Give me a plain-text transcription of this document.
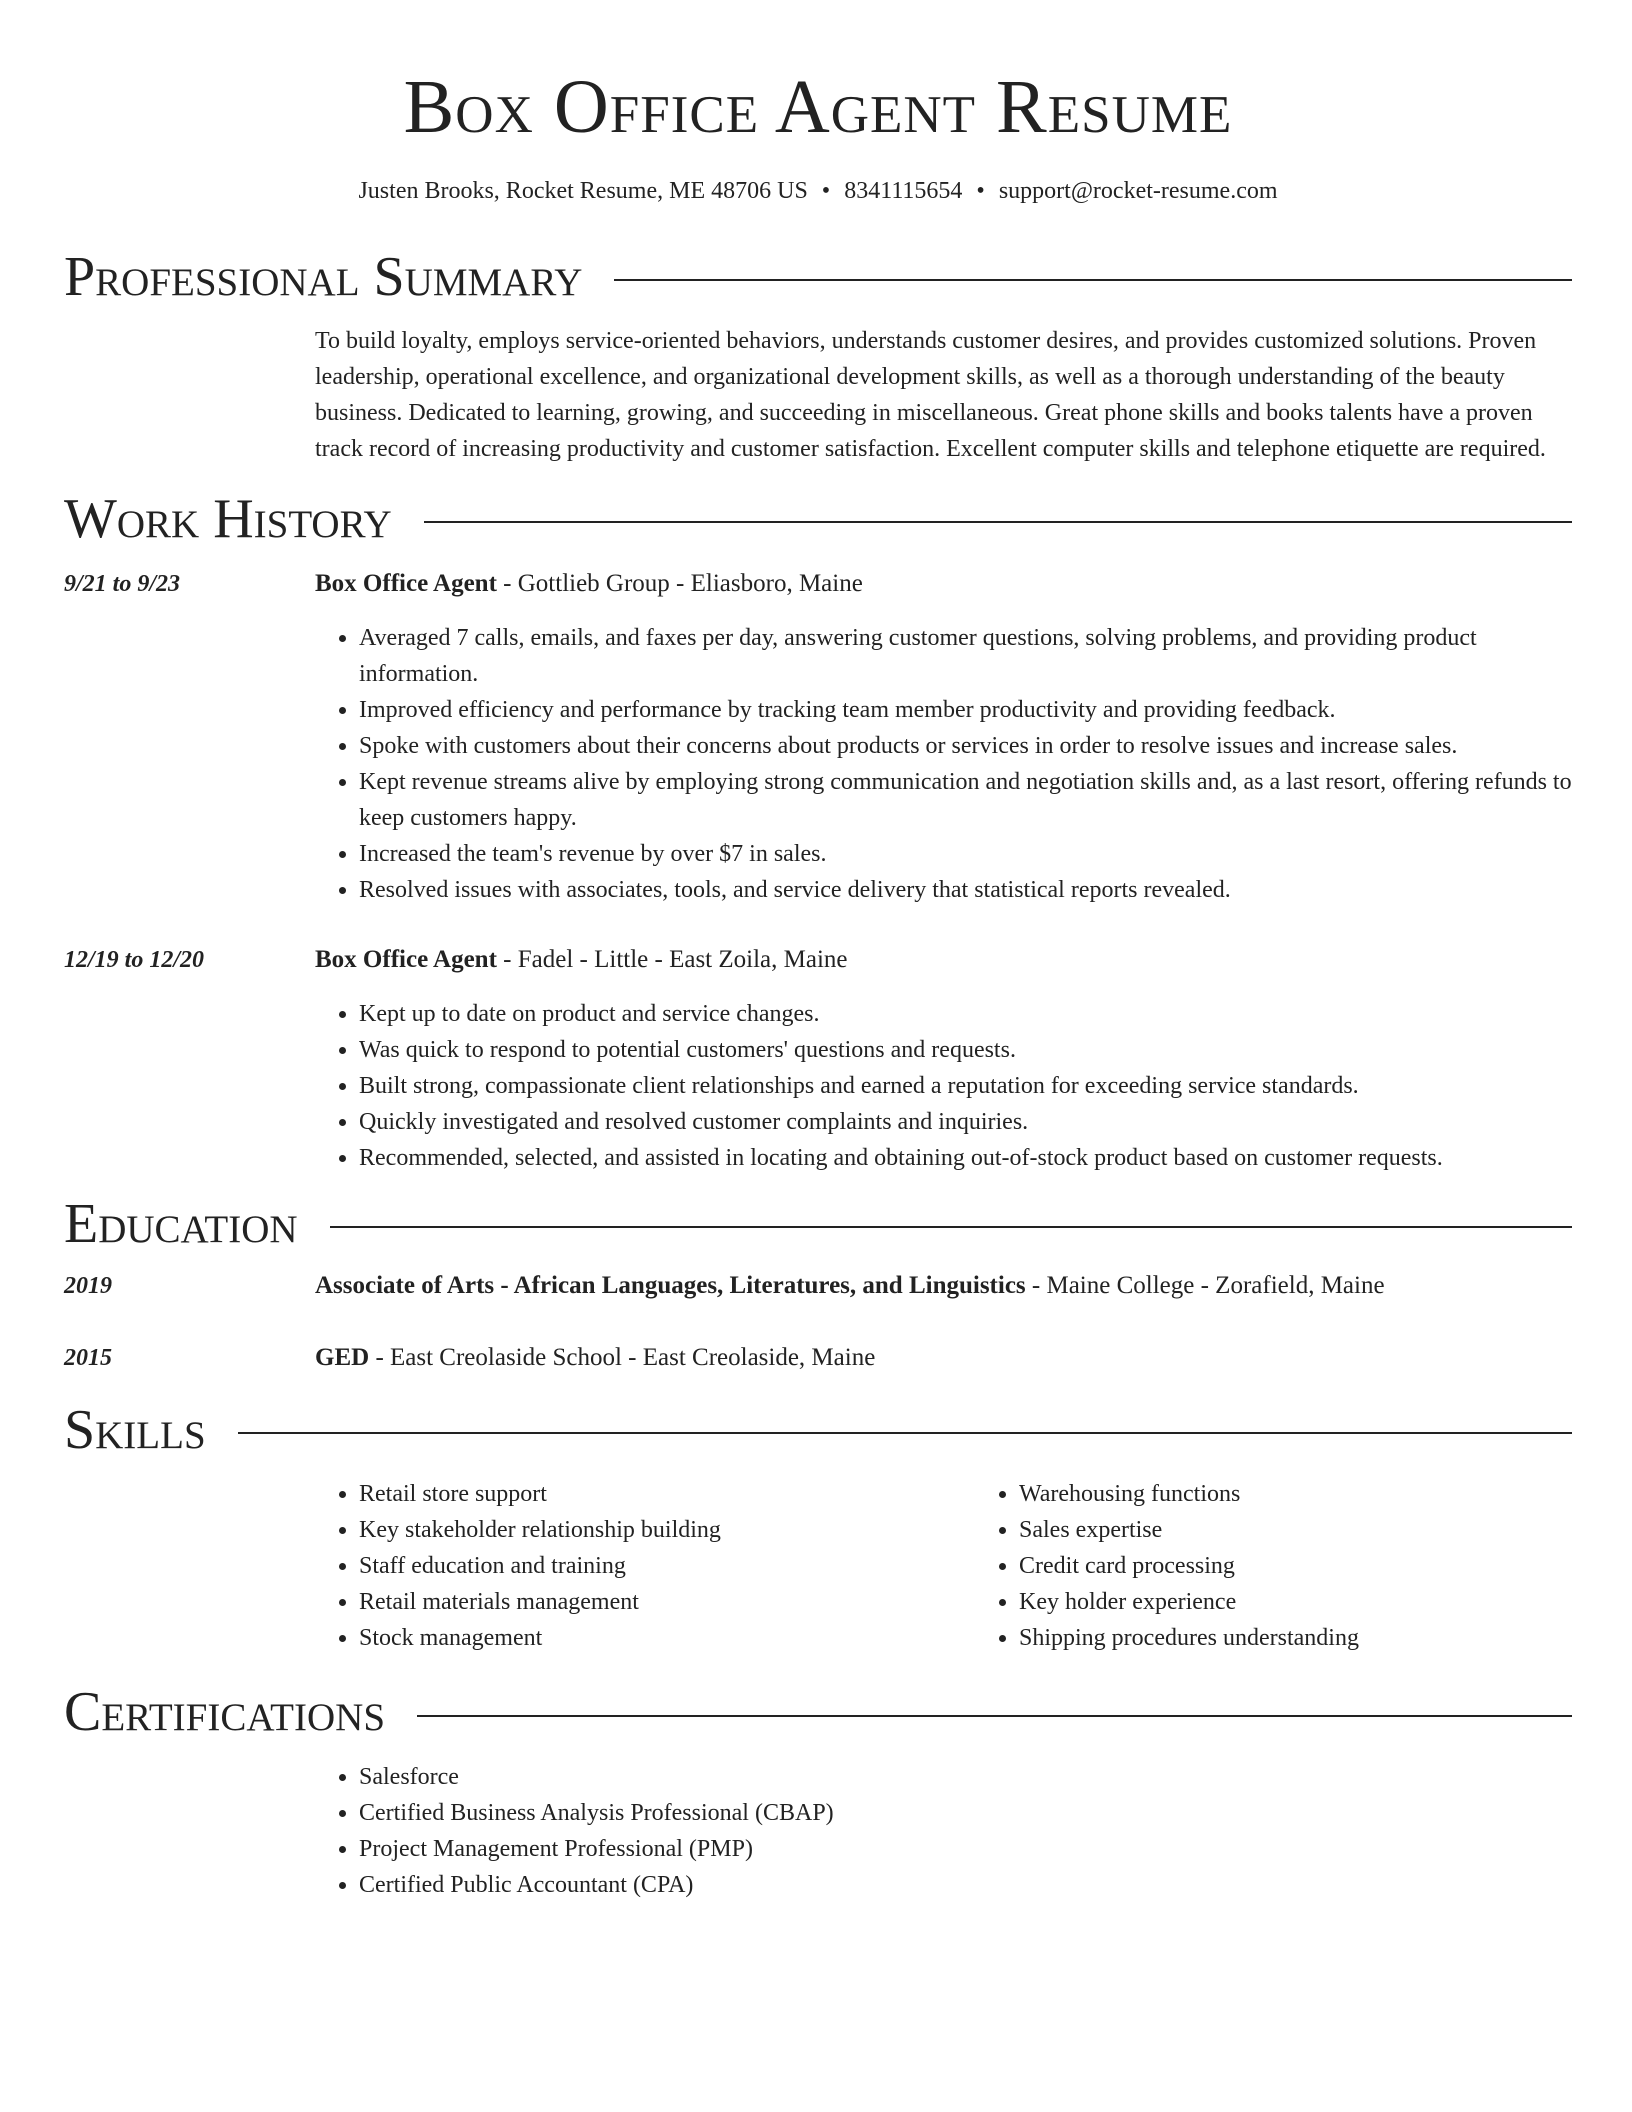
Box Office Agent Resume
Justen Brooks, Rocket Resume, ME 48706 US • 8341115654 • support@rocket-resume.com
Professional Summary
To build loyalty, employs service-oriented behaviors, understands customer desires, and provides customized solutions. Proven leadership, operational excellence, and organizational development skills, as well as a thorough understanding of the beauty business. Dedicated to learning, growing, and succeeding in miscellaneous. Great phone skills and books talents have a proven track record of increasing productivity and customer satisfaction. Excellent computer skills and telephone etiquette are required.
Work History
9/21 to 9/23	Box Office Agent - Gottlieb Group - Eliasboro, Maine
• Averaged 7 calls, emails, and faxes per day, answering customer questions, solving problems, and providing product information.
• Improved efficiency and performance by tracking team member productivity and providing feedback.
• Spoke with customers about their concerns about products or services in order to resolve issues and increase sales.
• Kept revenue streams alive by employing strong communication and negotiation skills and, as a last resort, offering refunds to keep customers happy.
• Increased the team's revenue by over $7 in sales.
• Resolved issues with associates, tools, and service delivery that statistical reports revealed.
12/19 to 12/20	Box Office Agent - Fadel - Little - East Zoila, Maine
• Kept up to date on product and service changes.
• Was quick to respond to potential customers' questions and requests.
• Built strong, compassionate client relationships and earned a reputation for exceeding service standards.
• Quickly investigated and resolved customer complaints and inquiries.
• Recommended, selected, and assisted in locating and obtaining out-of-stock product based on customer requests.
Education
2019	Associate of Arts - African Languages, Literatures, and Linguistics - Maine College - Zorafield, Maine
2015	GED - East Creolaside School - East Creolaside, Maine
Skills
• Retail store support
• Key stakeholder relationship building
• Staff education and training
• Retail materials management
• Stock management
• Warehousing functions
• Sales expertise
• Credit card processing
• Key holder experience
• Shipping procedures understanding
Certifications
• Salesforce
• Certified Business Analysis Professional (CBAP)
• Project Management Professional (PMP)
• Certified Public Accountant (CPA)
